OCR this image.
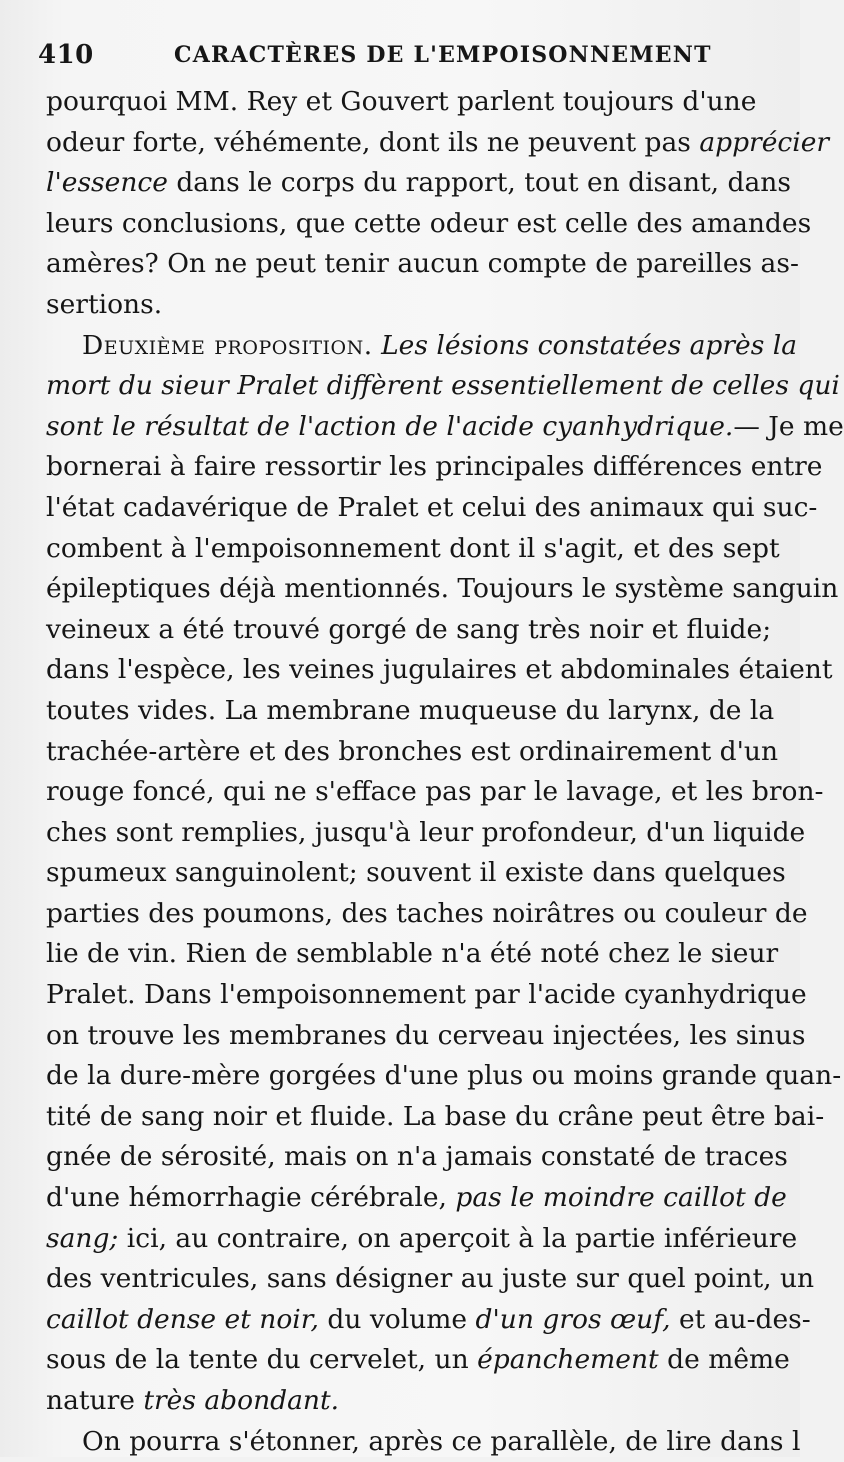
410	CARACTÈRES DE L'EMPOISONNEMENT
pourquoi MM. Rey et Gouvert parlent toujours d'une
odeur forte, véhémente, dont ils ne peuvent pas apprécier
l'essence dans le corps du rapport, tout en disant, dans
leurs conclusions, que cette odeur est celle des amandes
amères? On ne peut tenir aucun compte de pareilles as-
sertions.
Deuxième proposition. Les lésions constatées après la
mort du sieur Pralet diffèrent essentiellement de celles qui
sont le résultat de l'action de l'acide cyanhydrique.— Je me
bornerai à faire ressortir les principales différences entre
l'état cadavérique de Pralet et celui des animaux qui suc-
combent à l'empoisonnement dont il s'agit, et des sept
épileptiques déjà mentionnés. Toujours le système sanguin
veineux a été trouvé gorgé de sang très noir et fluide;
dans l'espèce, les veines jugulaires et abdominales étaient
toutes vides. La membrane muqueuse du larynx, de la
trachée-artère et des bronches est ordinairement d'un
rouge foncé, qui ne s'efface pas par le lavage, et les bron-
ches sont remplies, jusqu'à leur profondeur, d'un liquide
spumeux sanguinolent; souvent il existe dans quelques
parties des poumons, des taches noirâtres ou couleur de
lie de vin. Rien de semblable n'a été noté chez le sieur
Pralet. Dans l'empoisonnement par l'acide cyanhydrique
on trouve les membranes du cerveau injectées, les sinus
de la dure-mère gorgées d'une plus ou moins grande quan-
tité de sang noir et fluide. La base du crâne peut être bai-
gnée de sérosité, mais on n'a jamais constaté de traces
d'une hémorrhagie cérébrale, pas le moindre caillot de
sang; ici, au contraire, on aperçoit à la partie inférieure
des ventricules, sans désigner au juste sur quel point, un
caillot dense et noir, du volume d'un gros œuf, et au-des-
sous de la tente du cervelet, un épanchement de même
nature très abondant.
On pourra s'étonner, après ce parallèle, de lire dans l
